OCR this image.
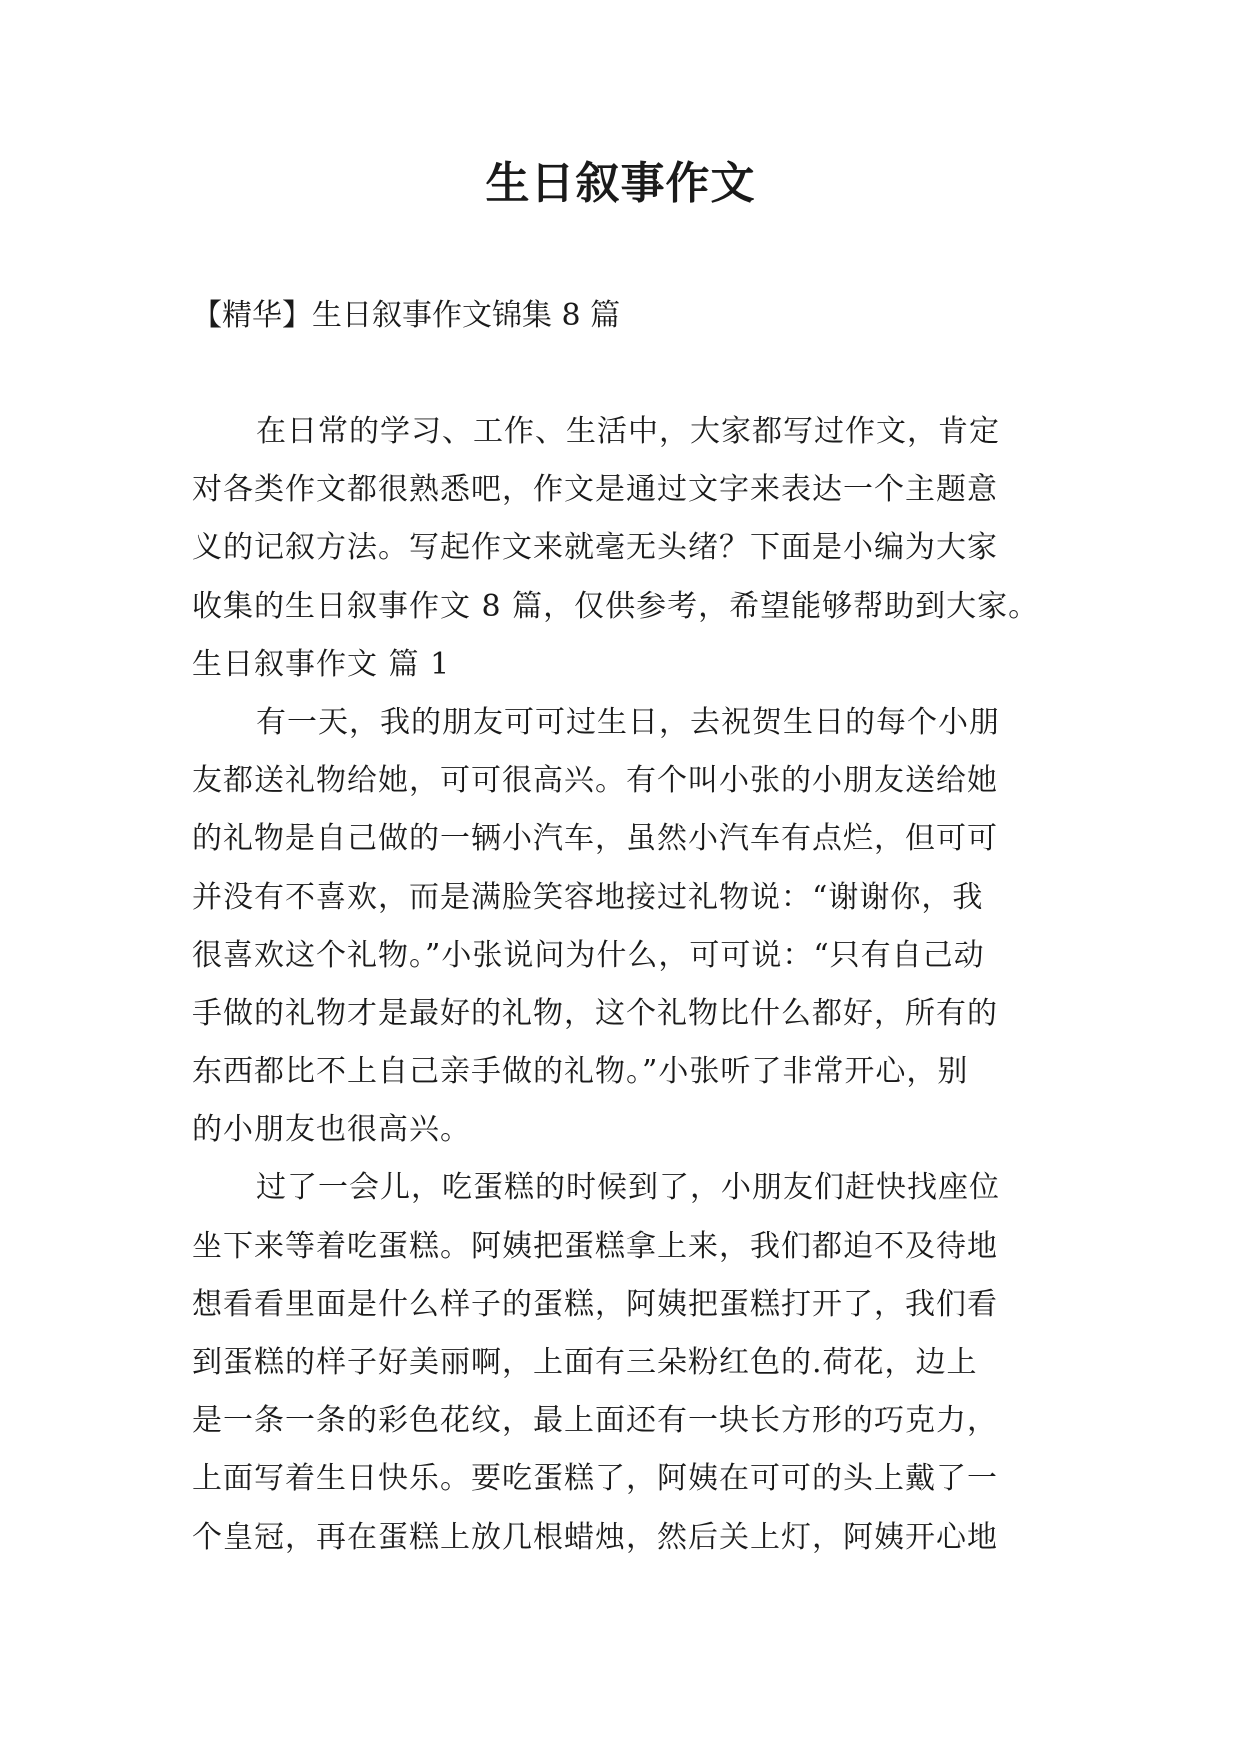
生日叙事作文
【精华】生日叙事作文锦集 8 篇
在日常的学习、工作、生活中，大家都写过作文，肯定
对各类作文都很熟悉吧，作文是通过文字来表达一个主题意
义的记叙方法。写起作文来就毫无头绪？下面是小编为大家
收集的生日叙事作文 8 篇，仅供参考，希望能够帮助到大家。
生日叙事作文 篇 1
有一天，我的朋友可可过生日，去祝贺生日的每个小朋
友都送礼物给她，可可很高兴。有个叫小张的小朋友送给她
的礼物是自己做的一辆小汽车，虽然小汽车有点烂，但可可
并没有不喜欢，而是满脸笑容地接过礼物说：“谢谢你，我
很喜欢这个礼物。”小张说问为什么，可可说：“只有自己动
手做的礼物才是最好的礼物，这个礼物比什么都好，所有的
东西都比不上自己亲手做的礼物。”小张听了非常开心，别
的小朋友也很高兴。
过了一会儿，吃蛋糕的时候到了，小朋友们赶快找座位
坐下来等着吃蛋糕。阿姨把蛋糕拿上来，我们都迫不及待地
想看看里面是什么样子的蛋糕，阿姨把蛋糕打开了，我们看
到蛋糕的样子好美丽啊，上面有三朵粉红色的.荷花，边上
是一条一条的彩色花纹，最上面还有一块长方形的巧克力，
上面写着生日快乐。要吃蛋糕了，阿姨在可可的头上戴了一
个皇冠，再在蛋糕上放几根蜡烛，然后关上灯，阿姨开心地
